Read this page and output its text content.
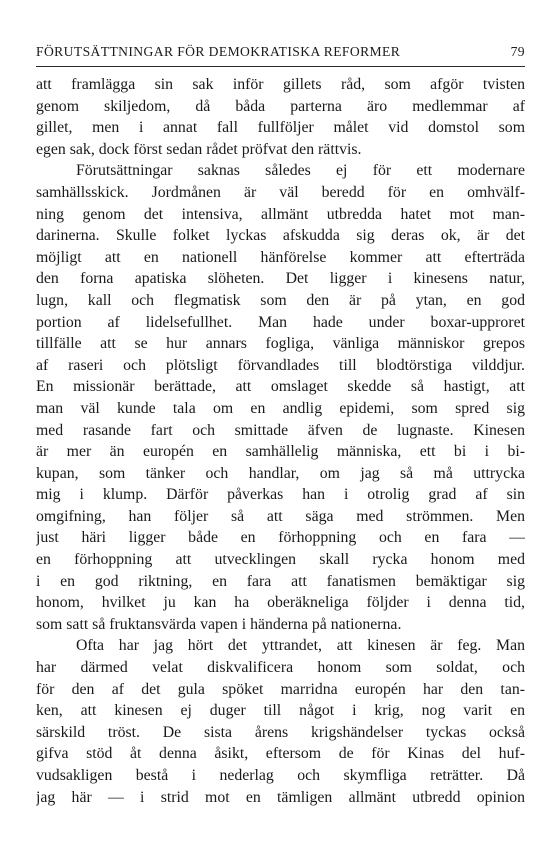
FÖRUTSÄTTNINGAR FÖR DEMOKRATISKA REFORMER	79
att framlägga sin sak inför gillets råd, som afgör tvisten
genom skiljedom, då båda parterna äro medlemmar af
gillet, men i annat fall fullföljer målet vid domstol som
egen sak, dock först sedan rådet pröfvat den rättvis.
Förutsättningar saknas således ej för ett modernare
samhällsskick. Jordmånen är väl beredd för en omhvälf-
ning genom det intensiva, allmänt utbredda hatet mot man-
darinerna. Skulle folket lyckas afskudda sig deras ok, är det
möjligt att en nationell hänförelse kommer att efterträda
den forna apatiska slöheten. Det ligger i kinesens natur,
lugn, kall och flegmatisk som den är på ytan, en god
portion af lidelsefullhet. Man hade under boxar-upproret
tillfälle att se hur annars fogliga, vänliga människor grepos
af raseri och plötsligt förvandlades till blodtörstiga vilddjur.
En missionär berättade, att omslaget skedde så hastigt, att
man väl kunde tala om en andlig epidemi, som spred sig
med rasande fart och smittade äfven de lugnaste. Kinesen
är mer än europén en samhällelig människa, ett bi i bi-
kupan, som tänker och handlar, om jag så må uttrycka
mig i klump. Därför påverkas han i otrolig grad af sin
omgifning, han följer så att säga med strömmen. Men
just häri ligger både en förhoppning och en fara —
en förhoppning att utvecklingen skall rycka honom med
i en god riktning, en fara att fanatismen bemäktigar sig
honom, hvilket ju kan ha oberäkneliga följder i denna tid,
som satt så fruktansvärda vapen i händerna på nationerna.
Ofta har jag hört det yttrandet, att kinesen är feg. Man
har därmed velat diskvalificera honom som soldat, och
för den af det gula spöket marridna europén har den tan-
ken, att kinesen ej duger till något i krig, nog varit en
särskild tröst. De sista årens krigshändelser tyckas också
gifva stöd åt denna åsikt, eftersom de för Kinas del huf-
vudsakligen bestå i nederlag och skymfliga reträtter. Då
jag här — i strid mot en tämligen allmänt utbredd opinion
